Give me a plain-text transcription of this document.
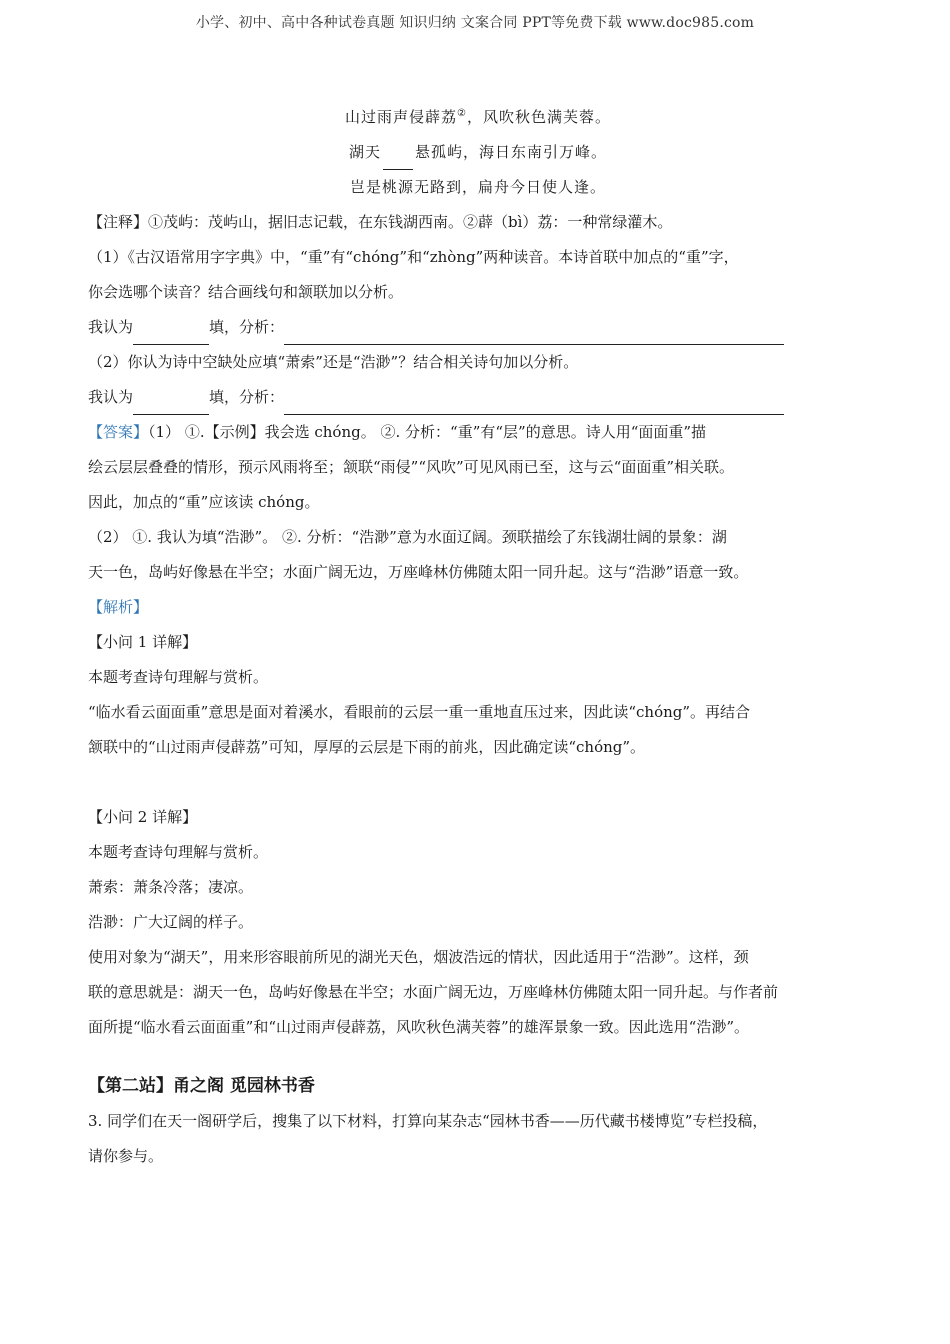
小学、初中、高中各种试卷真题 知识归纳 文案合同 PPT等免费下载 www.doc985.com
山过雨声侵薜荔②，风吹秋色满芙蓉。
湖天 悬孤屿，海日东南引万峰。
岂是桃源无路到，扁舟今日使人逢。

【注释】①茂屿：茂屿山，据旧志记载，在东钱湖西南。②薜（bì）荔：一种常绿灌木。

（1）《古汉语常用字字典》中，“重”有“chóng”和“zhòng”两种读音。本诗首联中加点的“重”字，

你会选哪个读音？结合画线句和颔联加以分析。

我认为	填，分析：

（2）你认为诗中空缺处应填“萧索”还是“浩渺”？结合相关诗句加以分析。

我认为	填，分析：

【答案】（1） ①.【示例】我会选 chóng。 ②. 分析：“重”有“层”的意思。诗人用“面面重”描

绘云层层叠叠的情形，预示风雨将至；颔联“雨侵”“风吹”可见风雨已至，这与云“面面重”相关联。

因此，加点的“重”应该读 chóng。

（2） ①. 我认为填“浩渺”。 ②. 分析：“浩渺”意为水面辽阔。颈联描绘了东钱湖壮阔的景象：湖

天一色，岛屿好像悬在半空；水面广阔无边，万座峰林仿佛随太阳一同升起。这与“浩渺”语意一致。

【解析】

【小问 1 详解】

本题考查诗句理解与赏析。

“临水看云面面重”意思是面对着溪水，看眼前的云层一重一重地直压过来，因此读“chóng”。再结合

颔联中的“山过雨声侵薜荔”可知，厚厚的云层是下雨的前兆，因此确定读“chóng”。

【小问 2 详解】

本题考查诗句理解与赏析。

萧索：萧条冷落；凄凉。

浩渺：广大辽阔的样子。

使用对象为“湖天”，用来形容眼前所见的湖光天色，烟波浩远的情状，因此适用于“浩渺”。这样，颈

联的意思就是：湖天一色，岛屿好像悬在半空；水面广阔无边，万座峰林仿佛随太阳一同升起。与作者前

面所提“临水看云面面重”和“山过雨声侵薜荔，风吹秋色满芙蓉”的雄浑景象一致。因此选用“浩渺”。

【第二站】甬之阁 觅园林书香

3. 同学们在天一阁研学后，搜集了以下材料，打算向某杂志“园林书香——历代藏书楼博览”专栏投稿，

请你参与。
